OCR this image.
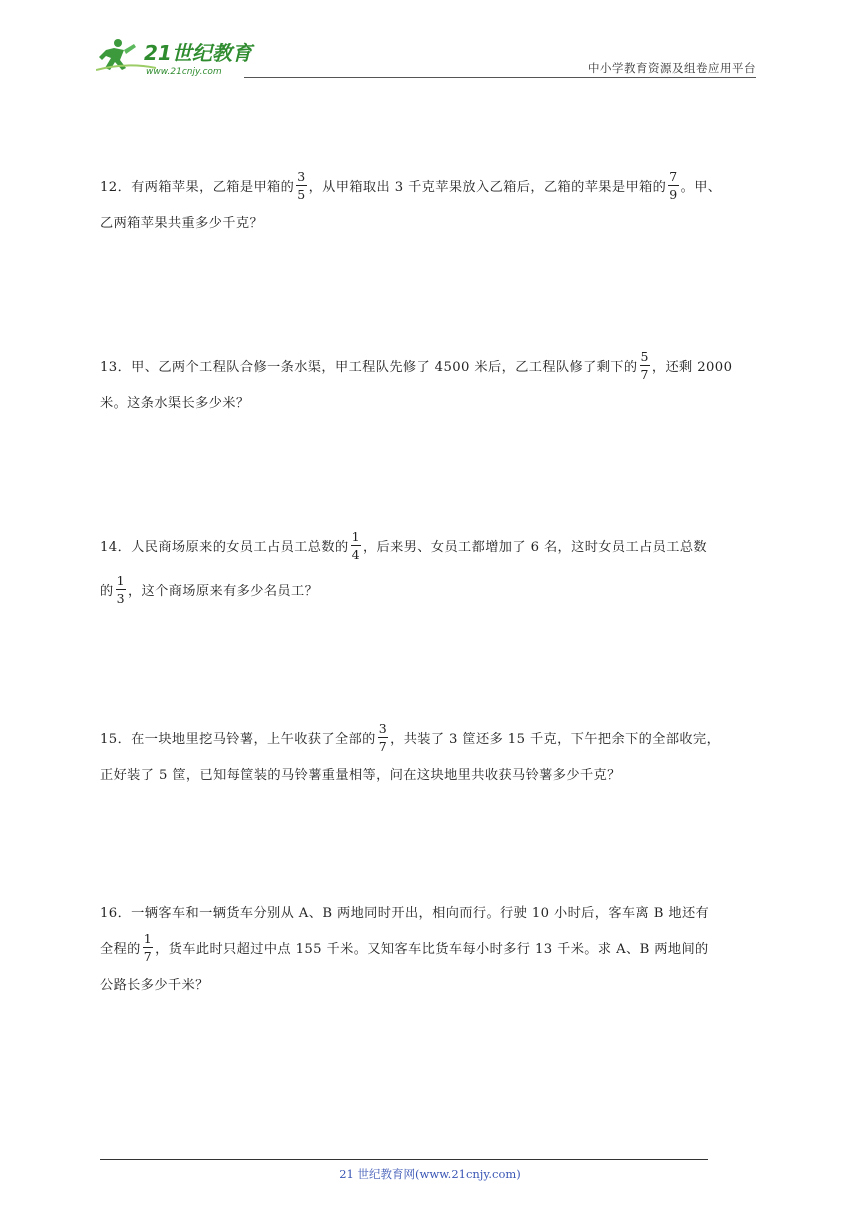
21世纪教育
www.21cnjy.com	中小学教育资源及组卷应用平台
12．有两箱苹果，乙箱是甲箱的 $\frac{3}{5}$ ，从甲箱取出 3 千克苹果放入乙箱后，乙箱的苹果是甲箱的 $\frac{7}{9}$ 。甲、
乙两箱苹果共重多少千克？
13．甲、乙两个工程队合修一条水渠，甲工程队先修了 4500 米后，乙工程队修了剩下的 $\frac{5}{7}$ ，还剩 2000
米。这条水渠长多少米？
14．人民商场原来的女员工占员工总数的 $\frac{1}{4}$ ，后来男、女员工都增加了 6 名，这时女员工占员工总数
的 $\frac{1}{3}$ ，这个商场原来有多少名员工？
15．在一块地里挖马铃薯，上午收获了全部的 $\frac{3}{7}$ ，共装了 3 筐还多 15 千克，下午把余下的全部收完，
正好装了 5 筐，已知每筐装的马铃薯重量相等，问在这块地里共收获马铃薯多少千克？
16．一辆客车和一辆货车分别从 A、B 两地同时开出，相向而行。行驶 10 小时后，客车离 B 地还有
全程的 $\frac{1}{7}$ ，货车此时只超过中点 155 千米。又知客车比货车每小时多行 13 千米。求 A、B 两地间的
公路长多少千米？
21 世纪教育网(www.21cnjy.com)
